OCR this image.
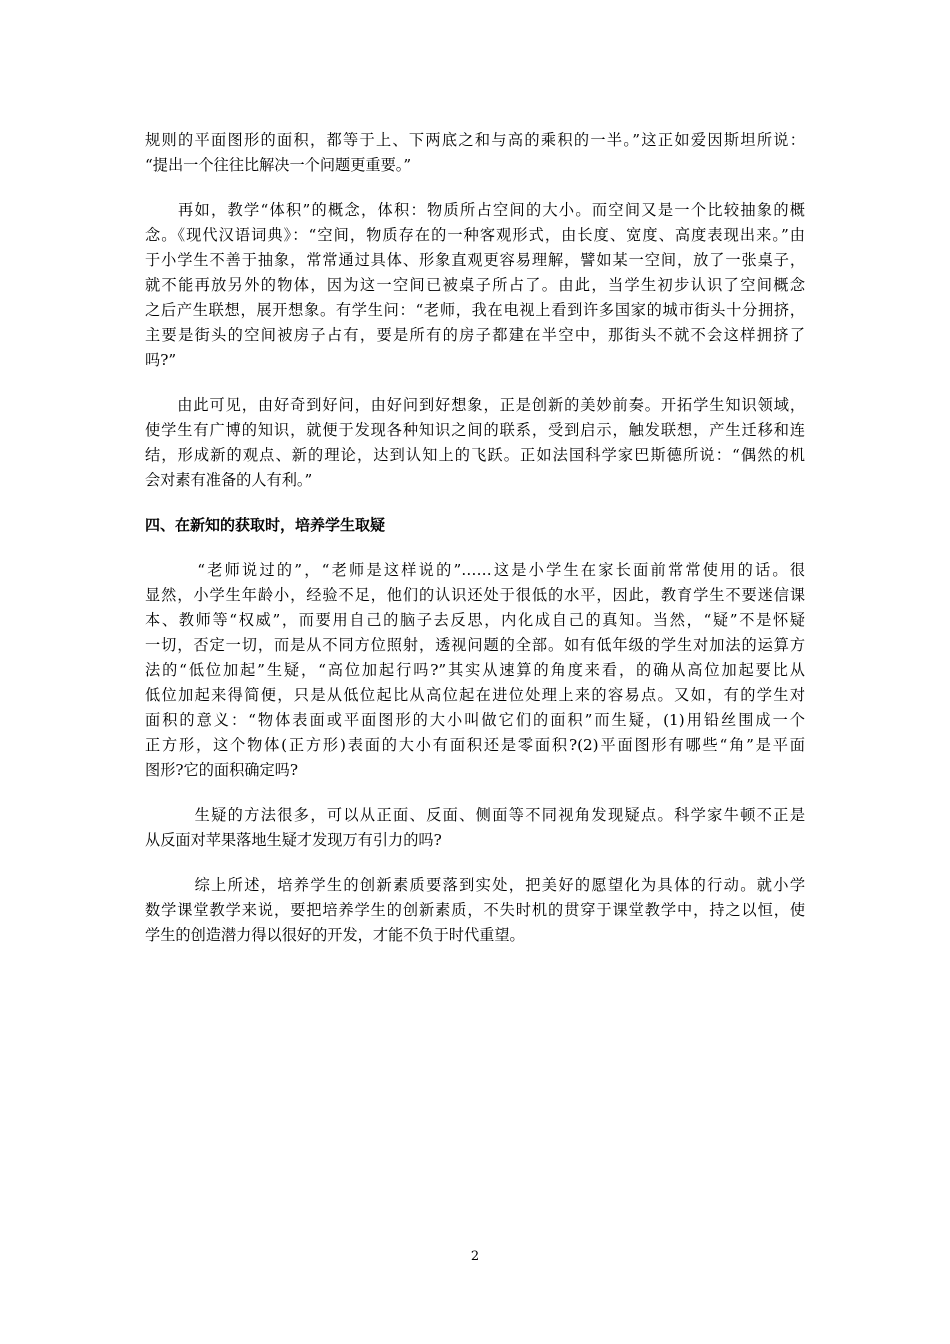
规则的平面图形的面积，都等于上、下两底之和与高的乘积的一半。”这正如爱因斯坦所说：
“提出一个往往比解决一个问题更重要。”
　　再如，教学“体积”的概念，体积：物质所占空间的大小。而空间又是一个比较抽象的概
念。《现代汉语词典》：“空间，物质存在的一种客观形式，由长度、宽度、高度表现出来。”由
于小学生不善于抽象，常常通过具体、形象直观更容易理解，譬如某一空间，放了一张桌子，
就不能再放另外的物体，因为这一空间已被桌子所占了。由此，当学生初步认识了空间概念
之后产生联想，展开想象。有学生问：“老师，我在电视上看到许多国家的城市街头十分拥挤，
主要是街头的空间被房子占有，要是所有的房子都建在半空中，那街头不就不会这样拥挤了
吗?”
　　由此可见，由好奇到好问，由好问到好想象，正是创新的美妙前奏。开拓学生知识领域，
使学生有广博的知识，就便于发现各种知识之间的联系，受到启示，触发联想，产生迁移和连
结，形成新的观点、新的理论，达到认知上的飞跃。正如法国科学家巴斯德所说：“偶然的机
会对素有准备的人有利。”
四、在新知的获取时，培养学生取疑
　　　“老师说过的”，“老师是这样说的”……这是小学生在家长面前常常使用的话。很
显然，小学生年龄小，经验不足，他们的认识还处于很低的水平，因此，教育学生不要迷信课
本、教师等“权威”，而要用自己的脑子去反思，内化成自己的真知。当然，“疑”不是怀疑
一切，否定一切，而是从不同方位照射，透视问题的全部。如有低年级的学生对加法的运算方
法的“低位加起”生疑，“高位加起行吗?”其实从速算的角度来看，的确从高位加起要比从
低位加起来得简便，只是从低位起比从高位起在进位处理上来的容易点。又如，有的学生对
面积的意义：“物体表面或平面图形的大小叫做它们的面积”而生疑，(1)用铅丝围成一个
正方形，这个物体(正方形)表面的大小有面积还是零面积?(2)平面图形有哪些“角”是平面
图形?它的面积确定吗?
　　　生疑的方法很多，可以从正面、反面、侧面等不同视角发现疑点。科学家牛顿不正是
从反面对苹果落地生疑才发现万有引力的吗?
　　　综上所述，培养学生的创新素质要落到实处，把美好的愿望化为具体的行动。就小学
数学课堂教学来说，要把培养学生的创新素质，不失时机的贯穿于课堂教学中，持之以恒，使
学生的创造潜力得以很好的开发，才能不负于时代重望。
2
